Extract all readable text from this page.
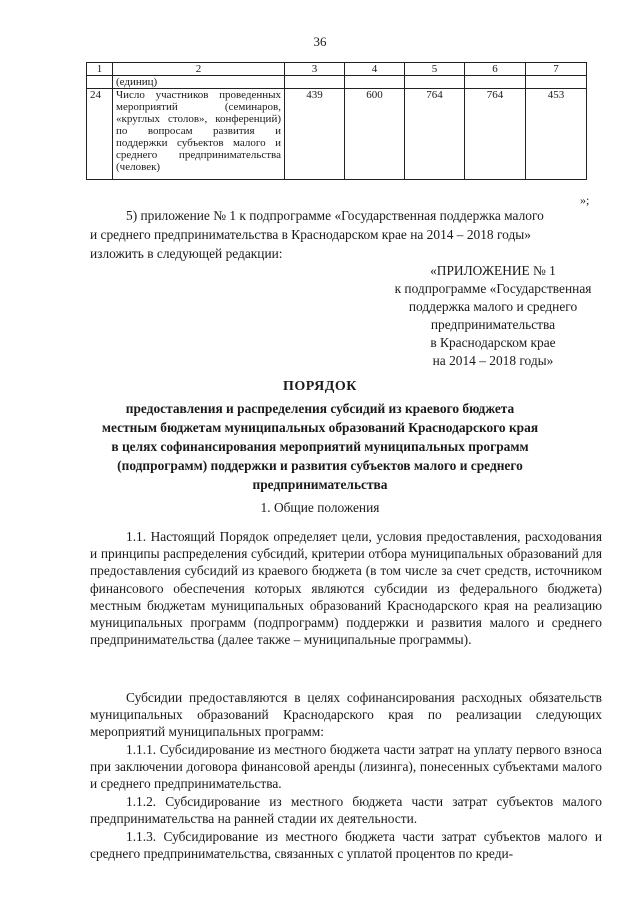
36
1	2	3	4	5	6	7
	(единиц)					
24	Число участников проведенных мероприятий (семинаров, «круглых столов», конференций) по вопросам развития и поддержки субъектов малого и среднего предпринимательства (человек)	439	600	764	764	453
»;
5) приложение № 1 к подпрограмме «Государственная поддержка малого
и среднего предпринимательства в Краснодарском крае на 2014 – 2018 годы»
изложить в следующей редакции:
«ПРИЛОЖЕНИЕ № 1
к подпрограмме «Государственная
поддержка малого и среднего
предпринимательства
в Краснодарском крае
на 2014 – 2018 годы»
ПОРЯДОК
предоставления и распределения субсидий из краевого бюджета
местным бюджетам муниципальных образований Краснодарского края
в целях софинансирования мероприятий муниципальных программ
(подпрограмм) поддержки и развития субъектов малого и среднего
предпринимательства
1. Общие положения
1.1. Настоящий Порядок определяет цели, условия предоставления, расходования и принципы распределения субсидий, критерии отбора муниципальных образований для предоставления субсидий из краевого бюджета (в том числе за счет средств, источником финансового обеспечения которых являются субсидии из федерального бюджета) местным бюджетам муниципальных образований Краснодарского края на реализацию муниципальных программ (подпрограмм) поддержки и развития малого и среднего предпринимательства (далее также – муниципальные программы).
Субсидии предоставляются в целях софинансирования расходных обязательств муниципальных образований Краснодарского края по реализации следующих мероприятий муниципальных программ:
1.1.1. Субсидирование из местного бюджета части затрат на уплату первого взноса при заключении договора финансовой аренды (лизинга), понесенных субъектами малого и среднего предпринимательства.
1.1.2. Субсидирование из местного бюджета части затрат субъектов малого предпринимательства на ранней стадии их деятельности.
1.1.3. Субсидирование из местного бюджета части затрат субъектов малого и среднего предпринимательства, связанных с уплатой процентов по креди-
